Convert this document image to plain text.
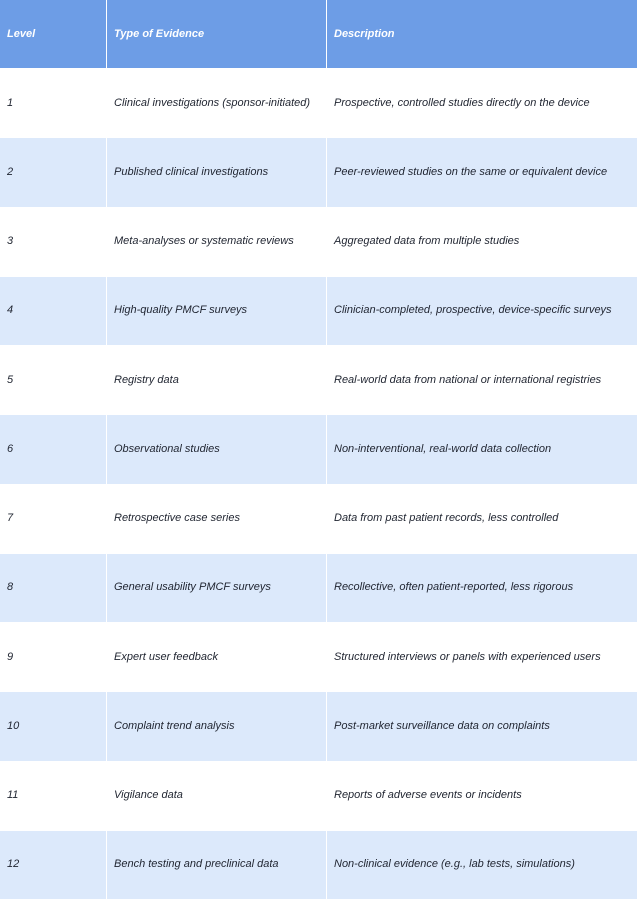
Level	Type of Evidence	Description
1	Clinical investigations (sponsor-initiated)	Prospective, controlled studies directly on the device
2	Published clinical investigations	Peer-reviewed studies on the same or equivalent device
3	Meta-analyses or systematic reviews	Aggregated data from multiple studies
4	High-quality PMCF surveys	Clinician-completed, prospective, device-specific surveys
5	Registry data	Real-world data from national or international registries
6	Observational studies	Non-interventional, real-world data collection
7	Retrospective case series	Data from past patient records, less controlled
8	General usability PMCF surveys	Recollective, often patient-reported, less rigorous
9	Expert user feedback	Structured interviews or panels with experienced users
10	Complaint trend analysis	Post-market surveillance data on complaints
11	Vigilance data	Reports of adverse events or incidents
12	Bench testing and preclinical data	Non-clinical evidence (e.g., lab tests, simulations)
